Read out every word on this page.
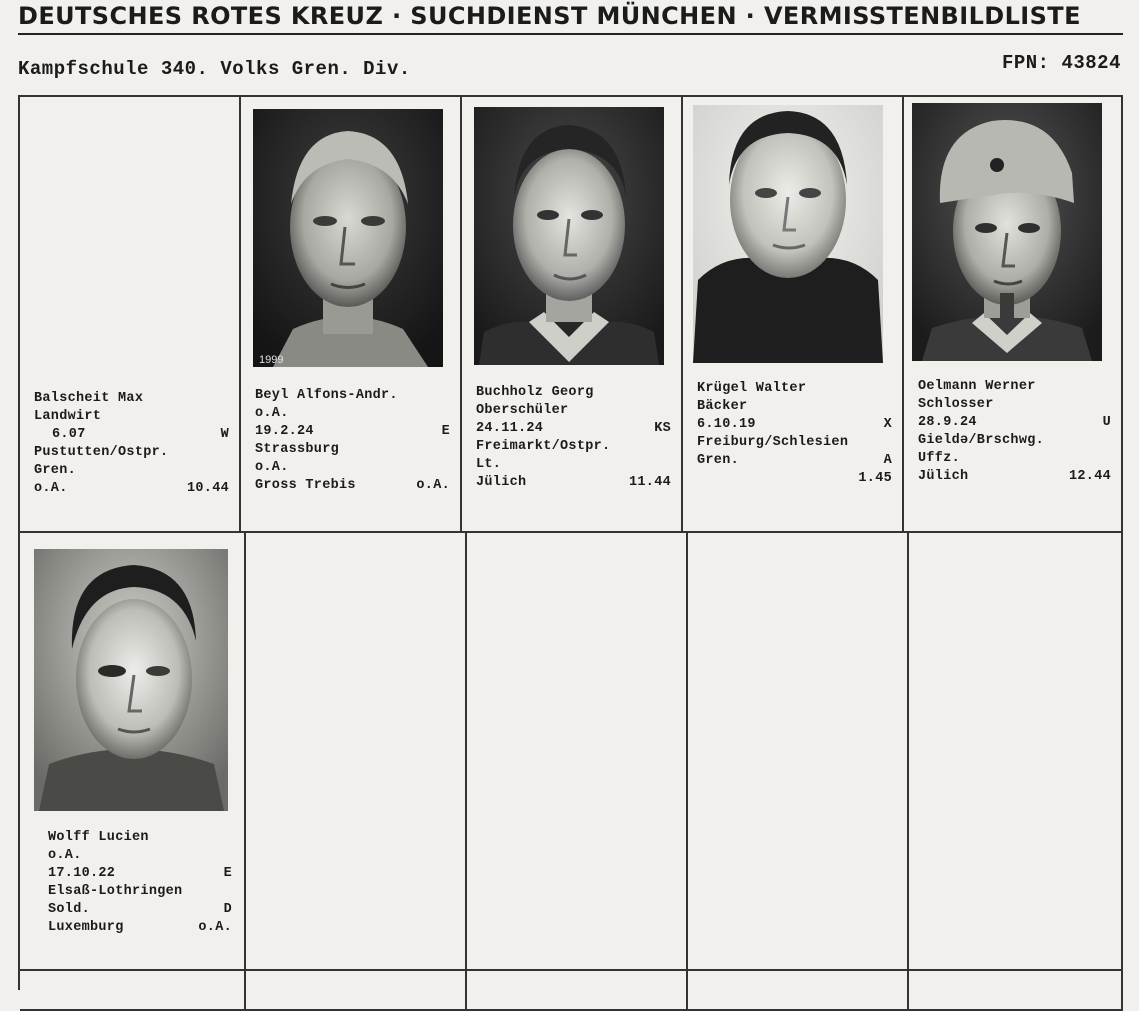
DEUTSCHES ROTES KREUZ · SUCHDIENST MÜNCHEN · VERMISSTENBILDLISTE
Kampfschule 340. Volks Gren. Div.	FPN: 43824
Balscheit Max
Landwirt
6.07	W
Pustutten/Ostpr.
Gren.
o.A.	10.44
1999
Beyl Alfons-Andr.
o.A.
19.2.24	E
Strassburg
o.A.
Gross Trebis	o.A.
Buchholz Georg
Oberschüler
24.11.24	KS
Freimarkt/Ostpr.
Lt.
Jülich	11.44
Krügel Walter
Bäcker
6.10.19	X
Freiburg/Schlesien
Gren.	A
1.45
Oelmann Werner
Schlosser
28.9.24	U
Gieldə/Brschwg.
Uffz.
Jülich	12.44
Wolff Lucien
o.A.
17.10.22	E
Elsaß-Lothringen
Sold.	D
Luxemburg	o.A.
